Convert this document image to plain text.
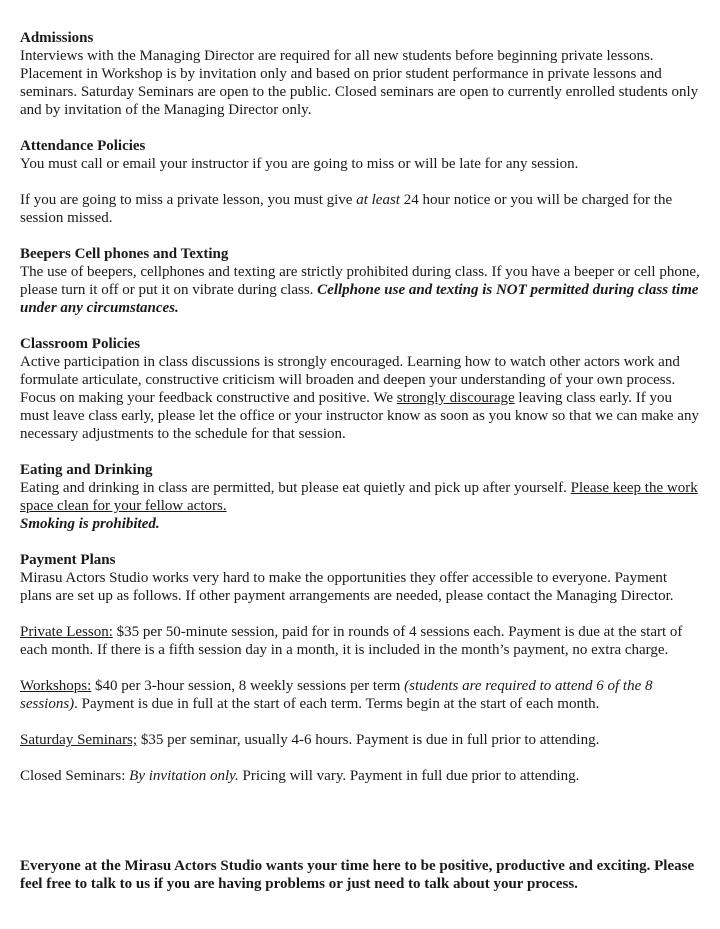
Admissions

Interviews with the Managing Director are required for all new students before beginning private lessons. Placement in Workshop is by invitation only and based on prior student performance in private lessons and seminars. Saturday Seminars are open to the public. Closed seminars are open to currently enrolled students only and by invitation of the Managing Director only.

Attendance Policies

You must call or email your instructor if you are going to miss or will be late for any session.

If you are going to miss a private lesson, you must give at least 24 hour notice or you will be charged for the session missed.

Beepers Cell phones and Texting

The use of beepers, cellphones and texting are strictly prohibited during class. If you have a beeper or cell phone, please turn it off or put it on vibrate during class. Cellphone use and texting is NOT permitted during class time under any circumstances.

Classroom Policies

Active participation in class discussions is strongly encouraged. Learning how to watch other actors work and formulate articulate, constructive criticism will broaden and deepen your understanding of your own process. Focus on making your feedback constructive and positive. We strongly discourage leaving class early. If you must leave class early, please let the office or your instructor know as soon as you know so that we can make any necessary adjustments to the schedule for that session.

Eating and Drinking

Eating and drinking in class are permitted, but please eat quietly and pick up after yourself. Please keep the work space clean for your fellow actors.

Smoking is prohibited.

Payment Plans

Mirasu Actors Studio works very hard to make the opportunities they offer accessible to everyone. Payment plans are set up as follows. If other payment arrangements are needed, please contact the Managing Director.

Private Lesson: $35 per 50-minute session, paid for in rounds of 4 sessions each. Payment is due at the start of each month. If there is a fifth session day in a month, it is included in the month’s payment, no extra charge.

Workshops: $40 per 3-hour session, 8 weekly sessions per term (students are required to attend 6 of the 8 sessions). Payment is due in full at the start of each term. Terms begin at the start of each month.

Saturday Seminars; $35 per seminar, usually 4-6 hours. Payment is due in full prior to attending.

Closed Seminars: By invitation only. Pricing will vary. Payment in full due prior to attending.

Everyone at the Mirasu Actors Studio wants your time here to be positive, productive and exciting. Please feel free to talk to us if you are having problems or just need to talk about your process.
